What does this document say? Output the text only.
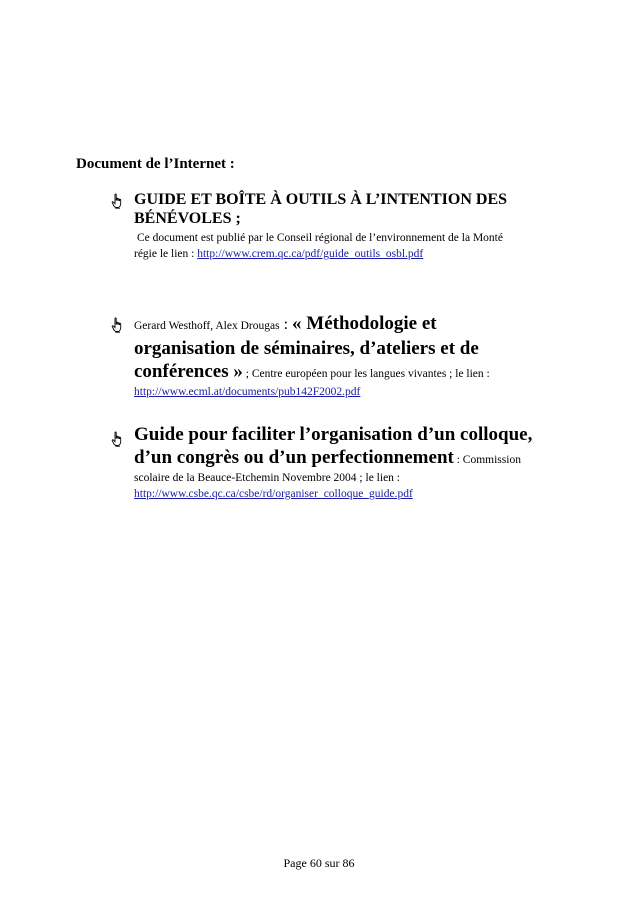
Document de l’Internet :
GUIDE ET BOÎTE À OUTILS À L’INTENTION DES
BÉNÉVOLES ;
Ce document est publié par le Conseil régional de l’environnement de la Monté
régie le lien : http://www.crem.qc.ca/pdf/guide_outils_osbl.pdf
Gerard Westhoff, Alex Drougas : « Méthodologie et
organisation de séminaires, d’ateliers et de
conférences » ; Centre européen pour les langues vivantes ; le lien :
http://www.ecml.at/documents/pub142F2002.pdf
Guide pour faciliter l’organisation d’un colloque,
d’un congrès ou d’un perfectionnement : Commission
scolaire de la Beauce-Etchemin Novembre 2004 ; le lien :
http://www.csbe.qc.ca/csbe/rd/organiser_colloque_guide.pdf
Page 60 sur 86
